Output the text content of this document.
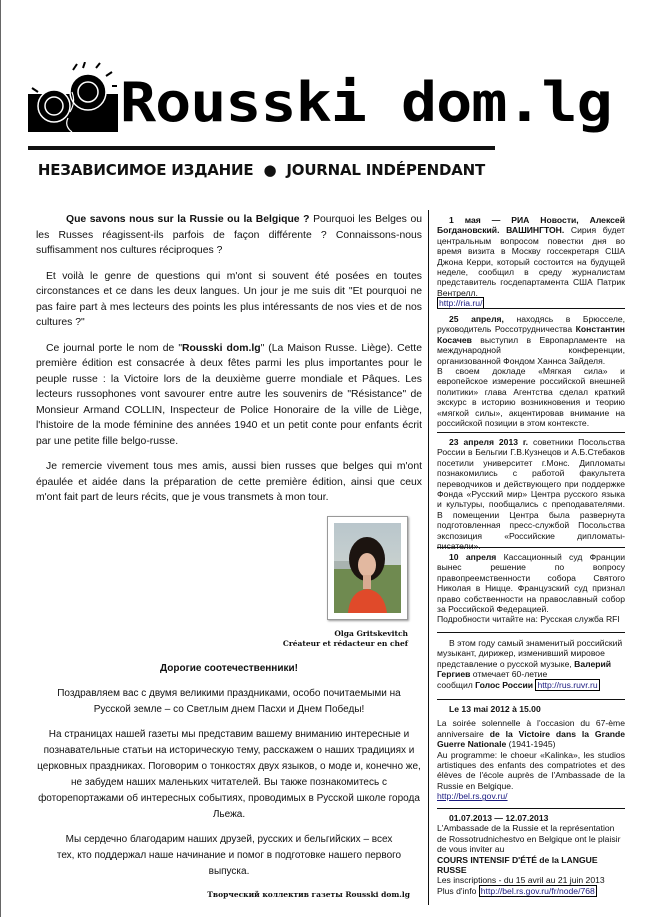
Rousski dom.lg
НЕЗАВИСИМОЕ ИЗДАНИЕ ● JOURNAL INDÉPENDANT

Que savons nous sur la Russie ou la Belgique ? Pourquoi les Belges ou les Russes réagissent-ils parfois de façon différente ? Connaissons-nous suffisamment nos cultures réciproques ?

Et voilà le genre de questions qui m'ont si souvent été posées en toutes circonstances et ce dans les deux langues. Un jour je me suis dit "Et pourquoi ne pas faire part à mes lecteurs des points les plus intéressants de nos vies et de nos cultures ?"

Ce journal porte le nom de "Rousski dom.lg" (La Maison Russe. Liège). Cette première édition est consacrée à deux fêtes parmi les plus importantes pour le peuple russe : la Victoire lors de la deuxième guerre mondiale et Pâques. Les lecteurs russophones vont savourer entre autre les souvenirs de "Résistance" de Monsieur Armand COLLIN, Inspecteur de Police Honoraire de la ville de Liège, l'histoire de la mode féminine des années 1940 et un petit conte pour enfants écrit par une petite fille belgo-russe.

Je remercie vivement tous mes amis, aussi bien russes que belges qui m'ont épaulée et aidée dans la préparation de cette première édition, ainsi que ceux m'ont fait part de leurs récits, que je vous transmets à mon tour.

Olga Gritskevitch
Créateur et rédacteur en chef
Дорогие соотечественники!
Поздравляем вас с двумя великими праздниками, особо почитаемыми на Русской земле – со Светлым днем Пасхи и Днем Победы!
На страницах нашей газеты мы представим вашему вниманию интересные и познавательные статьи на историческую тему, расскажем о наших традициях и церковных праздниках. Поговорим о тонкостях двух языков, о моде и, конечно же, не забудем наших маленьких читателей. Вы также познакомитесь с фоторепортажами об интересных событиях, проводимых в Русской школе города Льежа.
Мы сердечно благодарим наших друзей, русских и бельгийских – всех тех, кто поддержал наше начинание и помог в подготовке нашего первого выпуска.
Творческий коллектив газеты Rousski dom.lg
1 мая — РИА Новости, Алексей Богдановский. ВАШИНГТОН. Сирия будет центральным вопросом повестки дня во время визита в Москву госсекретаря США Джона Керри, который состоится на будущей неделе, сообщил в среду журналистам представитель госдепартамента США Патрик Вентрелл.
http://ria.ru/
25 апреля, находясь в Брюсселе, руководитель Россотрудничества Константин Косачев выступил в Европарламенте на международной конференции, организованной Фондом Ханнса Зайделя.
В своем докладе «Мягкая сила» и европейское измерение российской внешней политики» глава Агентства сделал краткий экскурс в историю возникновения и теорию «мягкой силы», акцентировав внимание на российской позиции в этом контексте.
23 апреля 2013 г. советники Посольства России в Бельгии Г.В.Кузнецов и А.Б.Стебаков посетили университет г.Монс. Дипломаты познакомились с работой факультета переводчиков и действующего при поддержке Фонда «Русский мир» Центра русского языка и культуры, пообщались с преподавателями. В помещении Центра была развернута подготовленная пресс-службой Посольства экспозиция «Российские дипломаты-
10 апреля Кассационный суд Франции вынес решение по вопросу правопреемственности собора Святого Николая в Ницце. Французский суд признал право собственности на православный собор за Российской Федерацией.
Подробности читайте на: Русская служба RFI
В этом году самый знаменитый российский музыкант, дирижер, изменивший мировое представление о русской музыке, Валерий Гергиев отмечает 60-летие
сообщил Голос России http://rus.ruvr.ru
Le 13 mai 2012 à 15.00
La soirée solennelle à l'occasion du 67-ème anniversaire de la Victoire dans la Grande Guerre Nationale (1941-1945)
Au programme: le choeur «Kalinka», les studios artistiques des enfants des compatriotes et des élèves de l'école auprès de l'Ambassade de la Russie en Belgique.
http://bel.rs.gov.ru/
01.07.2013 — 12.07.2013
L'Ambassade de la Russie et la représentation de Rossotrudnichestvo en Belgique ont le plaisir de vous inviter au
COURS INTENSIF D'ÉTÉ de la LANGUE RUSSE
Les inscriptions - du 15 avril au 21 juin 2013
Plus d'info http://bel.rs.gov.ru/fr/node/768
